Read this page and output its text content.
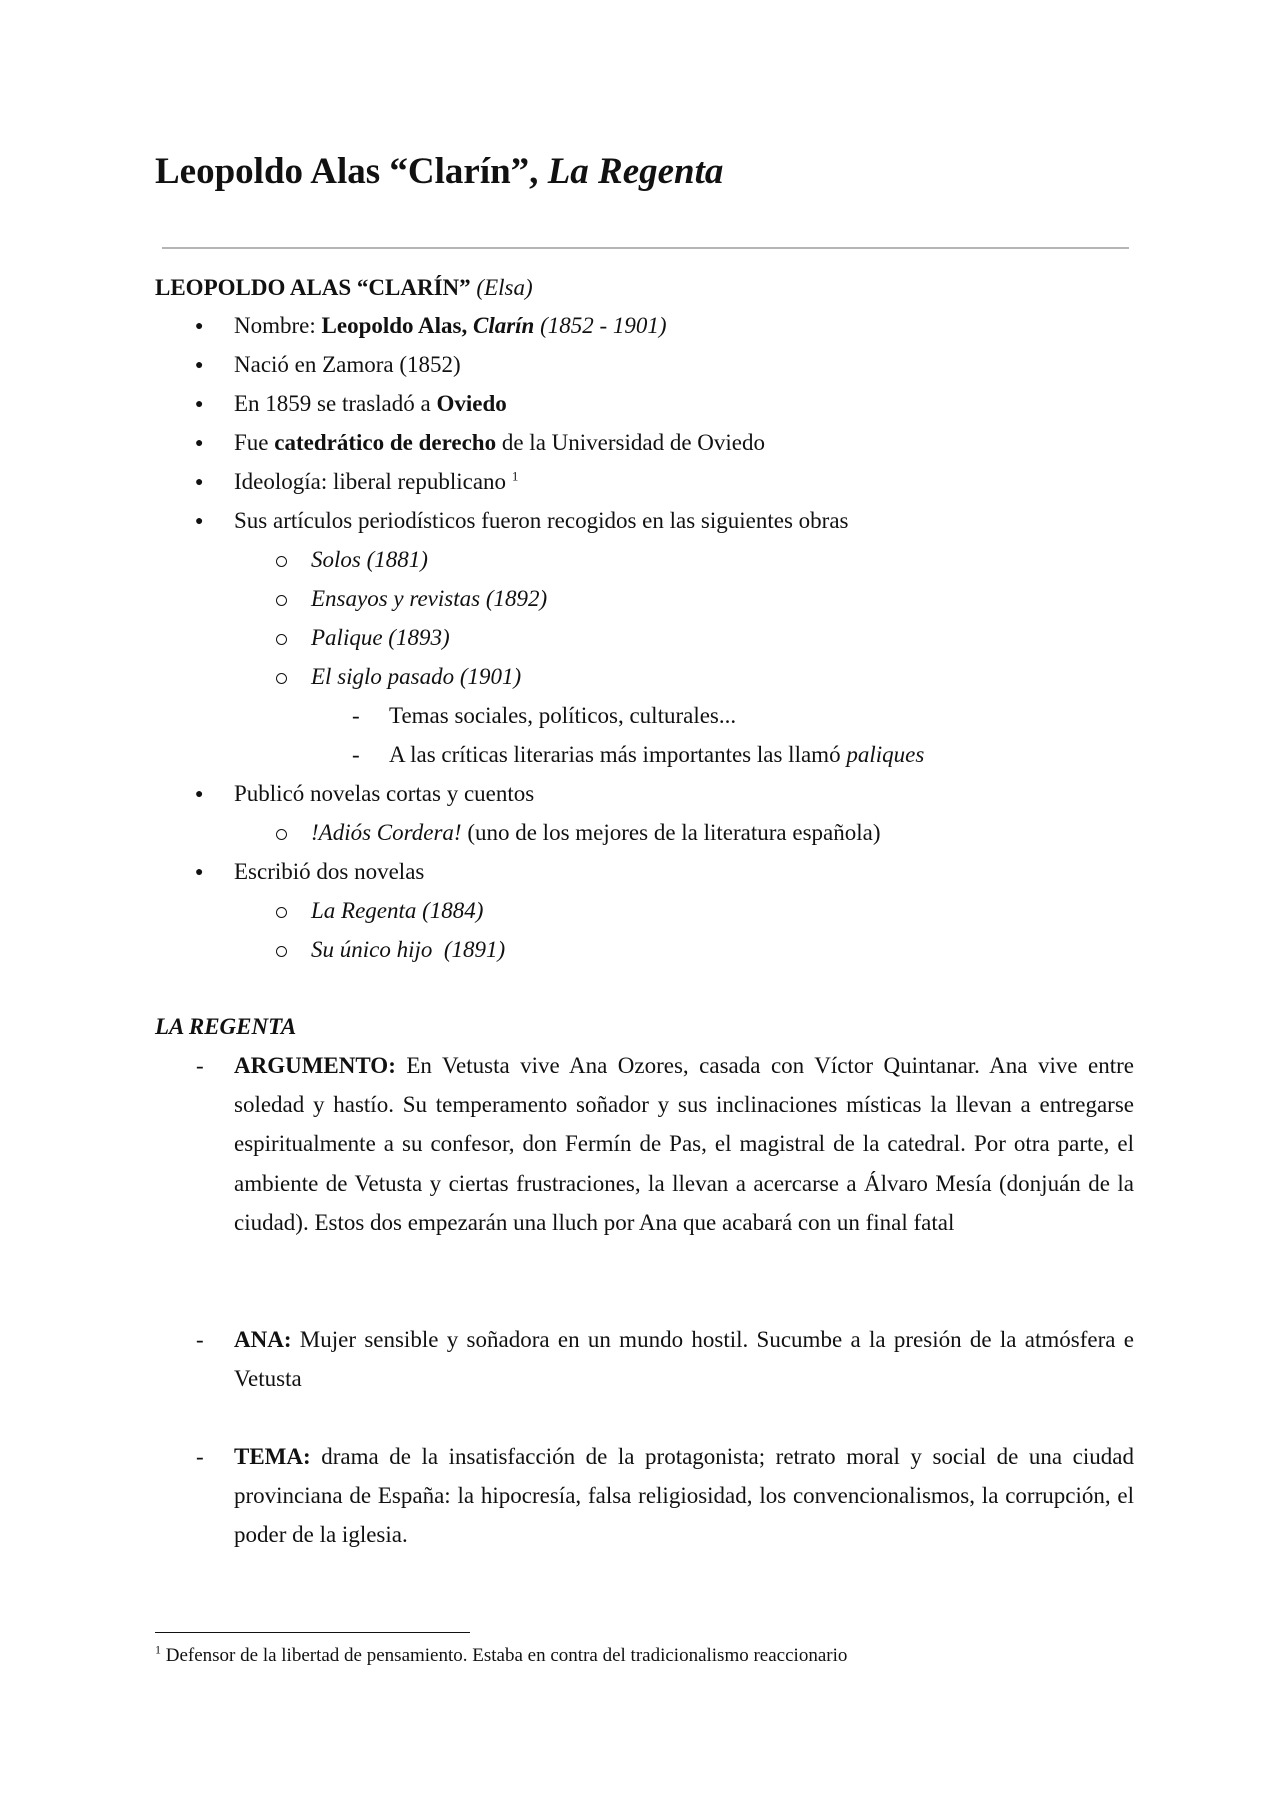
Leopoldo Alas “Clarín”, La Regenta
LEOPOLDO ALAS “CLARÍN” (Elsa)
● Nombre: Leopoldo Alas, Clarín (1852 - 1901)
● Nació en Zamora (1852)
● En 1859 se trasladó a Oviedo
● Fue catedrático de derecho de la Universidad de Oviedo
● Ideología: liberal republicano $^1$
● Sus artículos periodísticos fueron recogidos en las siguientes obras
Solos (1881)
Ensayos y revistas (1892)
Palique (1893)
El siglo pasado (1901)
- Temas sociales, políticos, culturales...
- A las críticas literarias más importantes las llamó paliques
● Publicó novelas cortas y cuentos
!Adiós Cordera! (uno de los mejores de la literatura española)
● Escribió dos novelas
La Regenta (1884)
Su único hijo  (1891)
LA REGENTA
- ARGUMENTO: En Vetusta vive Ana Ozores, casada con Víctor Quintanar. Ana vive entre soledad y hastío. Su temperamento soñador y sus inclinaciones místicas la llevan a entregarse espiritualmente a su confesor, don Fermín de Pas, el magistral de la catedral. Por otra parte, el ambiente de Vetusta y ciertas frustraciones, la llevan a acercarse a Álvaro Mesía (donjuán de la ciudad). Estos dos empezarán una lluch por Ana que acabará con un final fatal

- ANA: Mujer sensible y soñadora en un mundo hostil. Sucumbe a la presión de la atmósfera e Vetusta

- TEMA: drama de la insatisfacción de la protagonista; retrato moral y social de una ciudad provinciana de España: la hipocresía, falsa religiosidad, los convencionalismos, la corrupción, el poder de la iglesia.

$^1$ Defensor de la libertad de pensamiento. Estaba en contra del tradicionalismo reaccionario
